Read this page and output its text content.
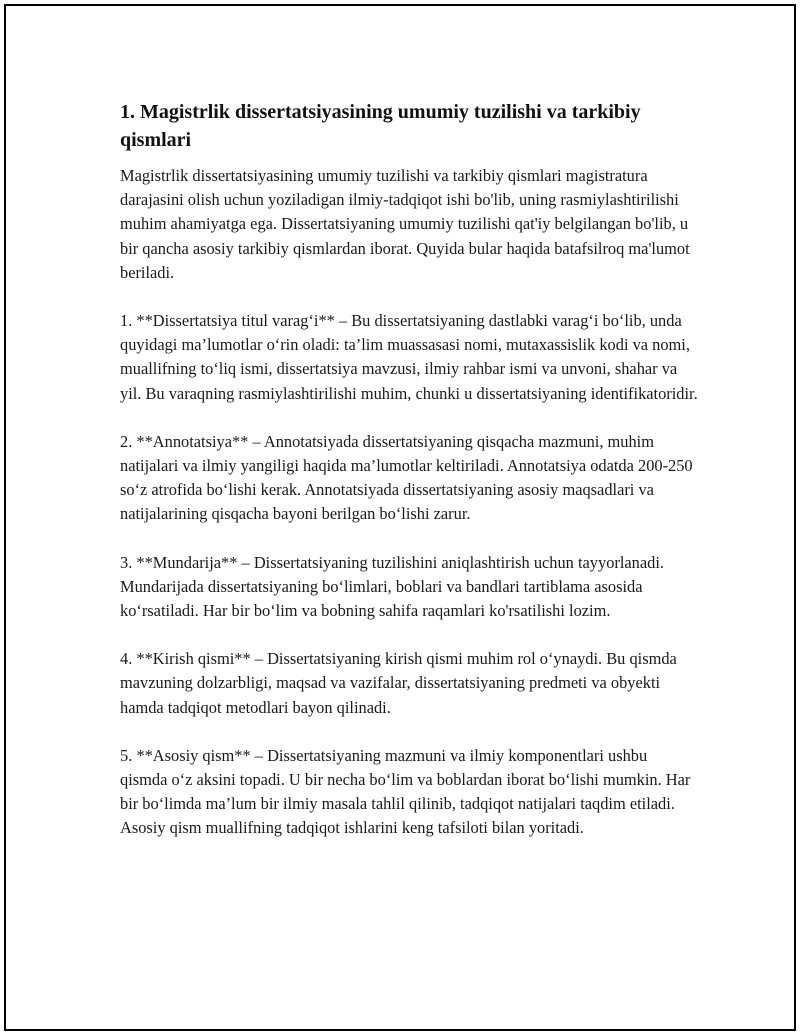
1. Magistrlik dissertatsiyasining umumiy tuzilishi va tarkibiy qismlari

Magistrlik dissertatsiyasining umumiy tuzilishi va tarkibiy qismlari magistratura darajasini olish uchun yoziladigan ilmiy-tadqiqot ishi bo'lib, uning rasmiylashtirilishi muhim ahamiyatga ega. Dissertatsiyaning umumiy tuzilishi qat'iy belgilangan bo'lib, u bir qancha asosiy tarkibiy qismlardan iborat. Quyida bular haqida batafsilroq ma'lumot beriladi.

1. **Dissertatsiya titul varag‘i** – Bu dissertatsiyaning dastlabki varag‘i bo‘lib, unda quyidagi ma’lumotlar o‘rin oladi: ta’lim muassasasi nomi, mutaxassislik kodi va nomi, muallifning to‘liq ismi, dissertatsiya mavzusi, ilmiy rahbar ismi va unvoni, shahar va yil. Bu varaqning rasmiylashtirilishi muhim, chunki u dissertatsiyaning identifikatoridir.

2. **Annotatsiya** – Annotatsiyada dissertatsiyaning qisqacha mazmuni, muhim natijalari va ilmiy yangiligi haqida ma’lumotlar keltiriladi. Annotatsiya odatda 200-250 so‘z atrofida bo‘lishi kerak. Annotatsiyada dissertatsiyaning asosiy maqsadlari va natijalarining qisqacha bayoni berilgan bo‘lishi zarur.

3. **Mundarija** – Dissertatsiyaning tuzilishini aniqlashtirish uchun tayyorlanadi. Mundarijada dissertatsiyaning bo‘limlari, boblari va bandlari tartiblama asosida ko‘rsatiladi. Har bir bo‘lim va bobning sahifa raqamlari ko'rsatilishi lozim.

4. **Kirish qismi** – Dissertatsiyaning kirish qismi muhim rol o‘ynaydi. Bu qismda mavzuning dolzarbligi, maqsad va vazifalar, dissertatsiyaning predmeti va obyekti hamda tadqiqot metodlari bayon qilinadi.

5. **Asosiy qism** – Dissertatsiyaning mazmuni va ilmiy komponentlari ushbu qismda o‘z aksini topadi. U bir necha bo‘lim va boblardan iborat bo‘lishi mumkin. Har bir bo‘limda ma’lum bir ilmiy masala tahlil qilinib, tadqiqot natijalari taqdim etiladi. Asosiy qism muallifning tadqiqot ishlarini keng tafsiloti bilan yoritadi.
